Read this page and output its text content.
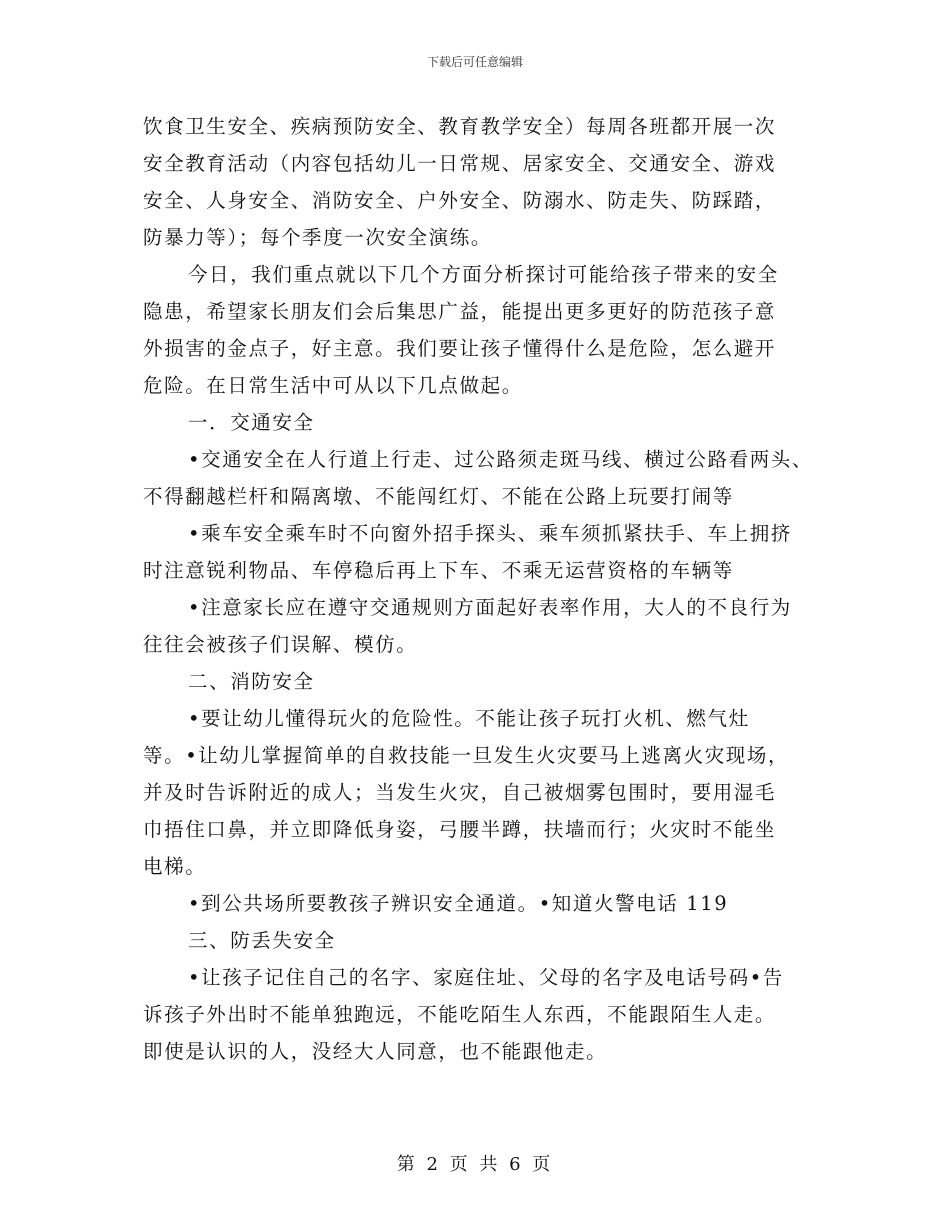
下载后可任意编辑
饮食卫生安全、疾病预防安全、教育教学安全）每周各班都开展一次
安全教育活动（内容包括幼儿一日常规、居家安全、交通安全、游戏
安全、人身安全、消防安全、户外安全、防溺水、防走失、防踩踏，
防暴力等）；每个季度一次安全演练。
今日，我们重点就以下几个方面分析探讨可能给孩子带来的安全
隐患，希望家长朋友们会后集思广益，能提出更多更好的防范孩子意
外损害的金点子，好主意。我们要让孩子懂得什么是危险，怎么避开
危险。在日常生活中可从以下几点做起。
一．交通安全
•交通安全在人行道上行走、过公路须走斑马线、横过公路看两头、
不得翻越栏杆和隔离墩、不能闯红灯、不能在公路上玩要打闹等
•乘车安全乘车时不向窗外招手探头、乘车须抓紧扶手、车上拥挤
时注意锐利物品、车停稳后再上下车、不乘无运营资格的车辆等
•注意家长应在遵守交通规则方面起好表率作用，大人的不良行为
往往会被孩子们误解、模仿。
二、消防安全
•要让幼儿懂得玩火的危险性。不能让孩子玩打火机、燃气灶
等。•让幼儿掌握简单的自救技能一旦发生火灾要马上逃离火灾现场，
并及时告诉附近的成人；当发生火灾，自己被烟雾包围时，要用湿毛
巾捂住口鼻，并立即降低身姿，弓腰半蹲，扶墙而行；火灾时不能坐
电梯。
•到公共场所要教孩子辨识安全通道。•知道火警电话 119
三、防丢失安全
•让孩子记住自己的名字、家庭住址、父母的名字及电话号码•告
诉孩子外出时不能单独跑远，不能吃陌生人东西，不能跟陌生人走。
即使是认识的人，没经大人同意，也不能跟他走。
第 2 页 共 6 页
